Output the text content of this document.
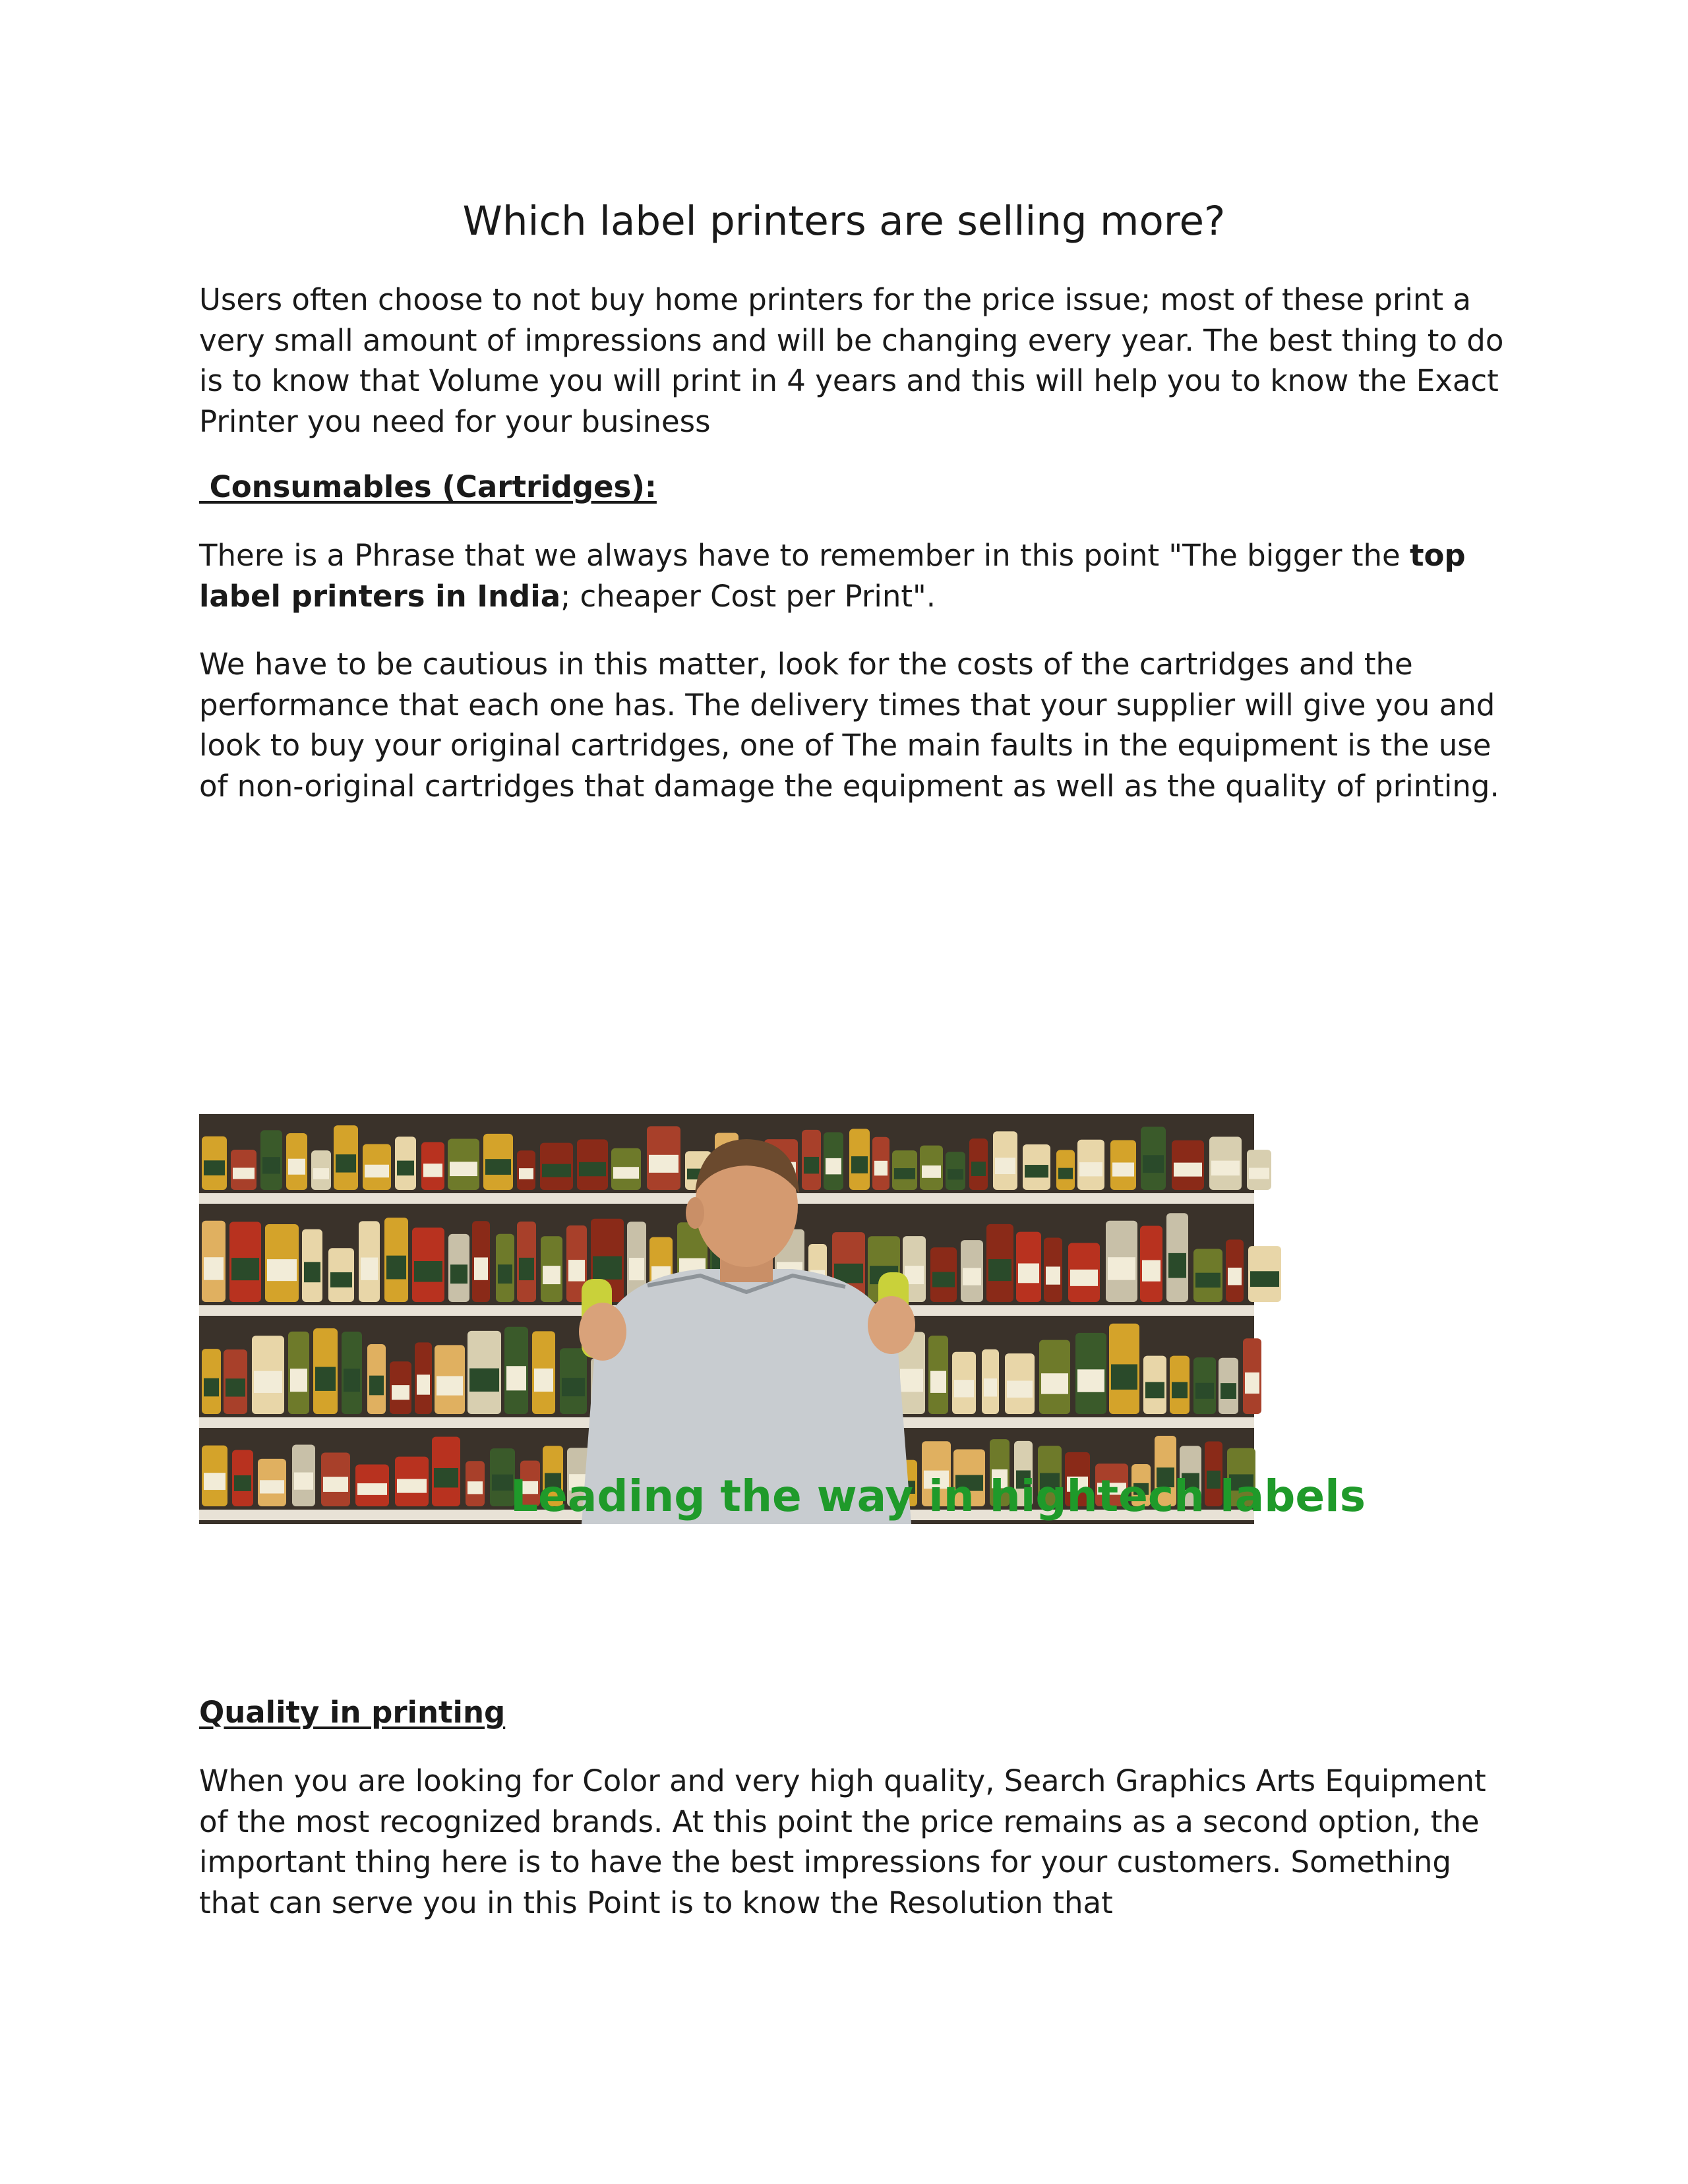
Which label printers are selling more?

Users often choose to not buy home printers for the price issue; most of these print a very small amount of impressions and will be changing every year. The best thing to do is to know that Volume you will print in 4 years and this will help you to know the Exact Printer you need for your business

Consumables (Cartridges):

There is a Phrase that we always have to remember in this point "The bigger the top label printers in India; cheaper Cost per Print".

We have to be cautious in this matter, look for the costs of the cartridges and the performance that each one has. The delivery times that your supplier will give you and look to buy your original cartridges, one of The main faults in the equipment is the use of non-original cartridges that damage the equipment as well as the quality of printing.

Leading the way in hightech labels
Quality in printing

When you are looking for Color and very high quality, Search Graphics Arts Equipment of the most recognized brands. At this point the price remains as a second option, the important thing here is to have the best impressions for your customers. Something that can serve you in this Point is to know the Resolution that
